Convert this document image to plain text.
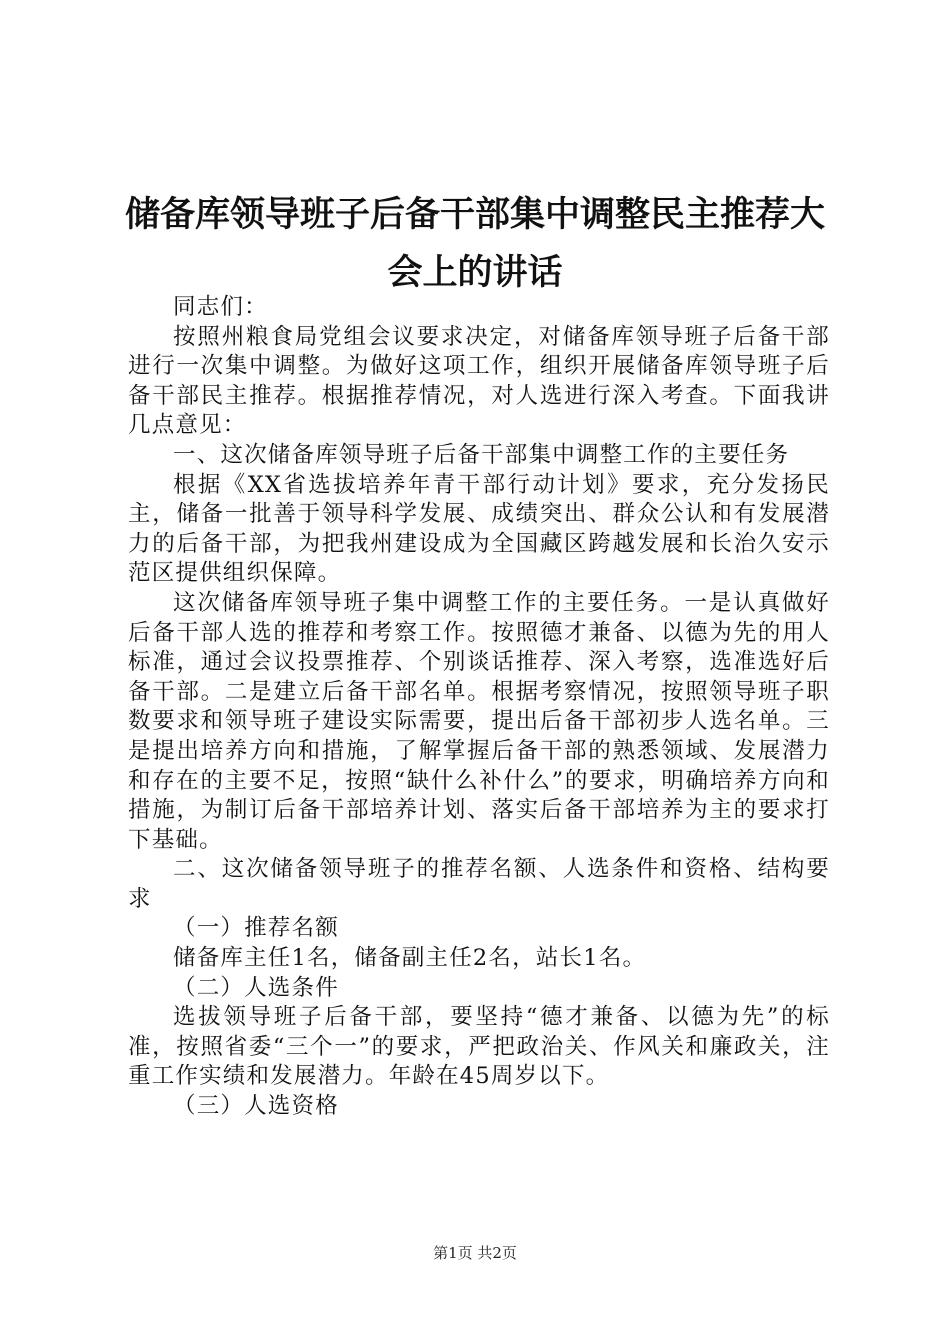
储备库领导班子后备干部集中调整民主推荐大会上的讲话

同志们：

按照州粮食局党组会议要求决定，对储备库领导班子后备干部进行一次集中调整。为做好这项工作，组织开展储备库领导班子后备干部民主推荐。根据推荐情况，对人选进行深入考查。下面我讲几点意见：

一、这次储备库领导班子后备干部集中调整工作的主要任务

根据《XX省选拔培养年青干部行动计划》要求，充分发扬民主，储备一批善于领导科学发展、成绩突出、群众公认和有发展潜力的后备干部，为把我州建设成为全国藏区跨越发展和长治久安示范区提供组织保障。

这次储备库领导班子集中调整工作的主要任务。一是认真做好后备干部人选的推荐和考察工作。按照德才兼备、以德为先的用人标准，通过会议投票推荐、个别谈话推荐、深入考察，选准选好后备干部。二是建立后备干部名单。根据考察情况，按照领导班子职数要求和领导班子建设实际需要，提出后备干部初步人选名单。三是提出培养方向和措施，了解掌握后备干部的熟悉领域、发展潜力和存在的主要不足，按照“缺什么补什么”的要求，明确培养方向和措施，为制订后备干部培养计划、落实后备干部培养为主的要求打下基础。

二、这次储备领导班子的推荐名额、人选条件和资格、结构要求

（一）推荐名额

储备库主任1名，储备副主任2名，站长1名。

（二）人选条件

选拔领导班子后备干部，要坚持“德才兼备、以德为先”的标准，按照省委“三个一”的要求，严把政治关、作风关和廉政关，注重工作实绩和发展潜力。年龄在45周岁以下。

（三）人选资格

第1页 共2页
